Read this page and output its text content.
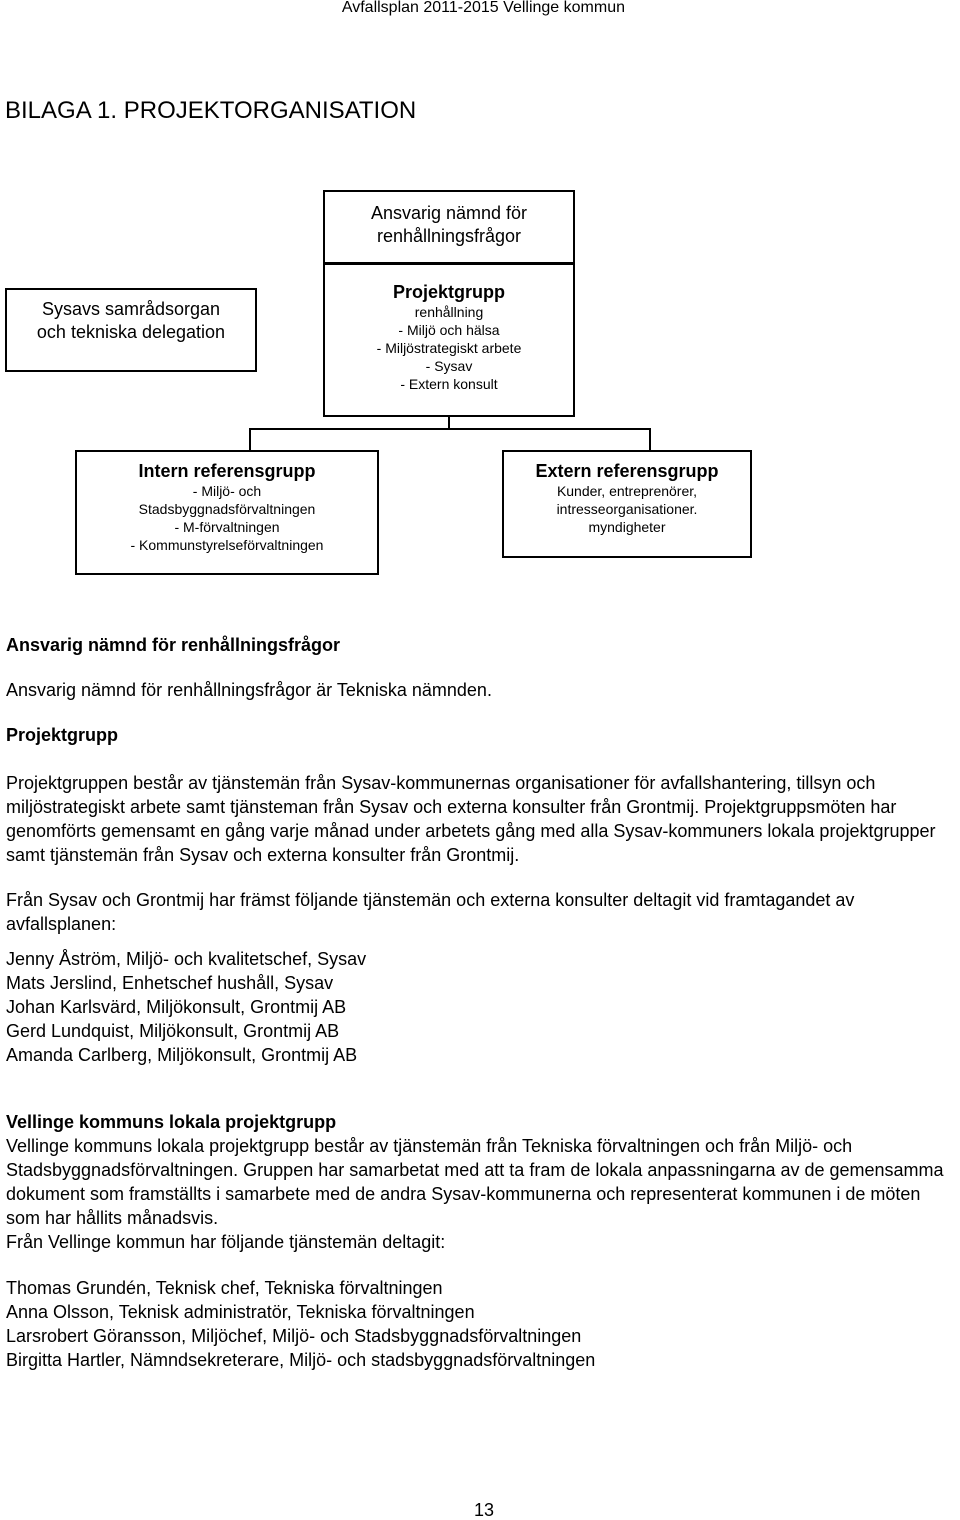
Avfallsplan 2011-2015 Vellinge kommun
BILAGA 1. PROJEKTORGANISATION
Ansvarig nämnd för
renhållningsfrågor
Sysavs samrådsorgan
och tekniska delegation
Projektgrupp
renhållning
- Miljö och hälsa
- Miljöstrategiskt arbete
- Sysav
- Extern konsult
Intern referensgrupp
- Miljö- och
Stadsbyggnadsförvaltningen
- M-förvaltningen
- Kommunstyrelseförvaltningen
Extern referensgrupp
Kunder, entreprenörer,
intresseorganisationer.
myndigheter
Ansvarig nämnd för renhållningsfrågor
Ansvarig nämnd för renhållningsfrågor är Tekniska nämnden.
Projektgrupp
Projektgruppen består av tjänstemän från Sysav-kommunernas organisationer för avfallshantering, tillsyn och miljöstrategiskt arbete samt tjänsteman från Sysav och externa konsulter från Grontmij. Projektgruppsmöten har genomförts gemensamt en gång varje månad under arbetets gång med alla Sysav-kommuners lokala projektgrupper samt tjänstemän från Sysav och externa konsulter från Grontmij.
Från Sysav och Grontmij har främst följande tjänstemän och externa konsulter deltagit vid framtagandet av avfallsplanen:
Jenny Åström, Miljö- och kvalitetschef, Sysav
Mats Jerslind, Enhetschef hushåll, Sysav
Johan Karlsvärd, Miljökonsult, Grontmij AB
Gerd Lundquist, Miljökonsult, Grontmij AB
Amanda Carlberg, Miljökonsult, Grontmij AB
Vellinge kommuns lokala projektgrupp
Vellinge kommuns lokala projektgrupp består av tjänstemän från Tekniska förvaltningen och från Miljö- och Stadsbyggnadsförvaltningen. Gruppen har samarbetat med att ta fram de lokala anpassningarna av de gemensamma dokument som framställts i samarbete med de andra Sysav-kommunerna och representerat kommunen i de möten som har hållits månadsvis.
Från Vellinge kommun har följande tjänstemän deltagit:
Thomas Grundén, Teknisk chef, Tekniska förvaltningen
Anna Olsson, Teknisk administratör, Tekniska förvaltningen
Larsrobert Göransson, Miljöchef, Miljö- och Stadsbyggnadsförvaltningen
Birgitta Hartler, Nämndsekreterare, Miljö- och stadsbyggnadsförvaltningen
13
